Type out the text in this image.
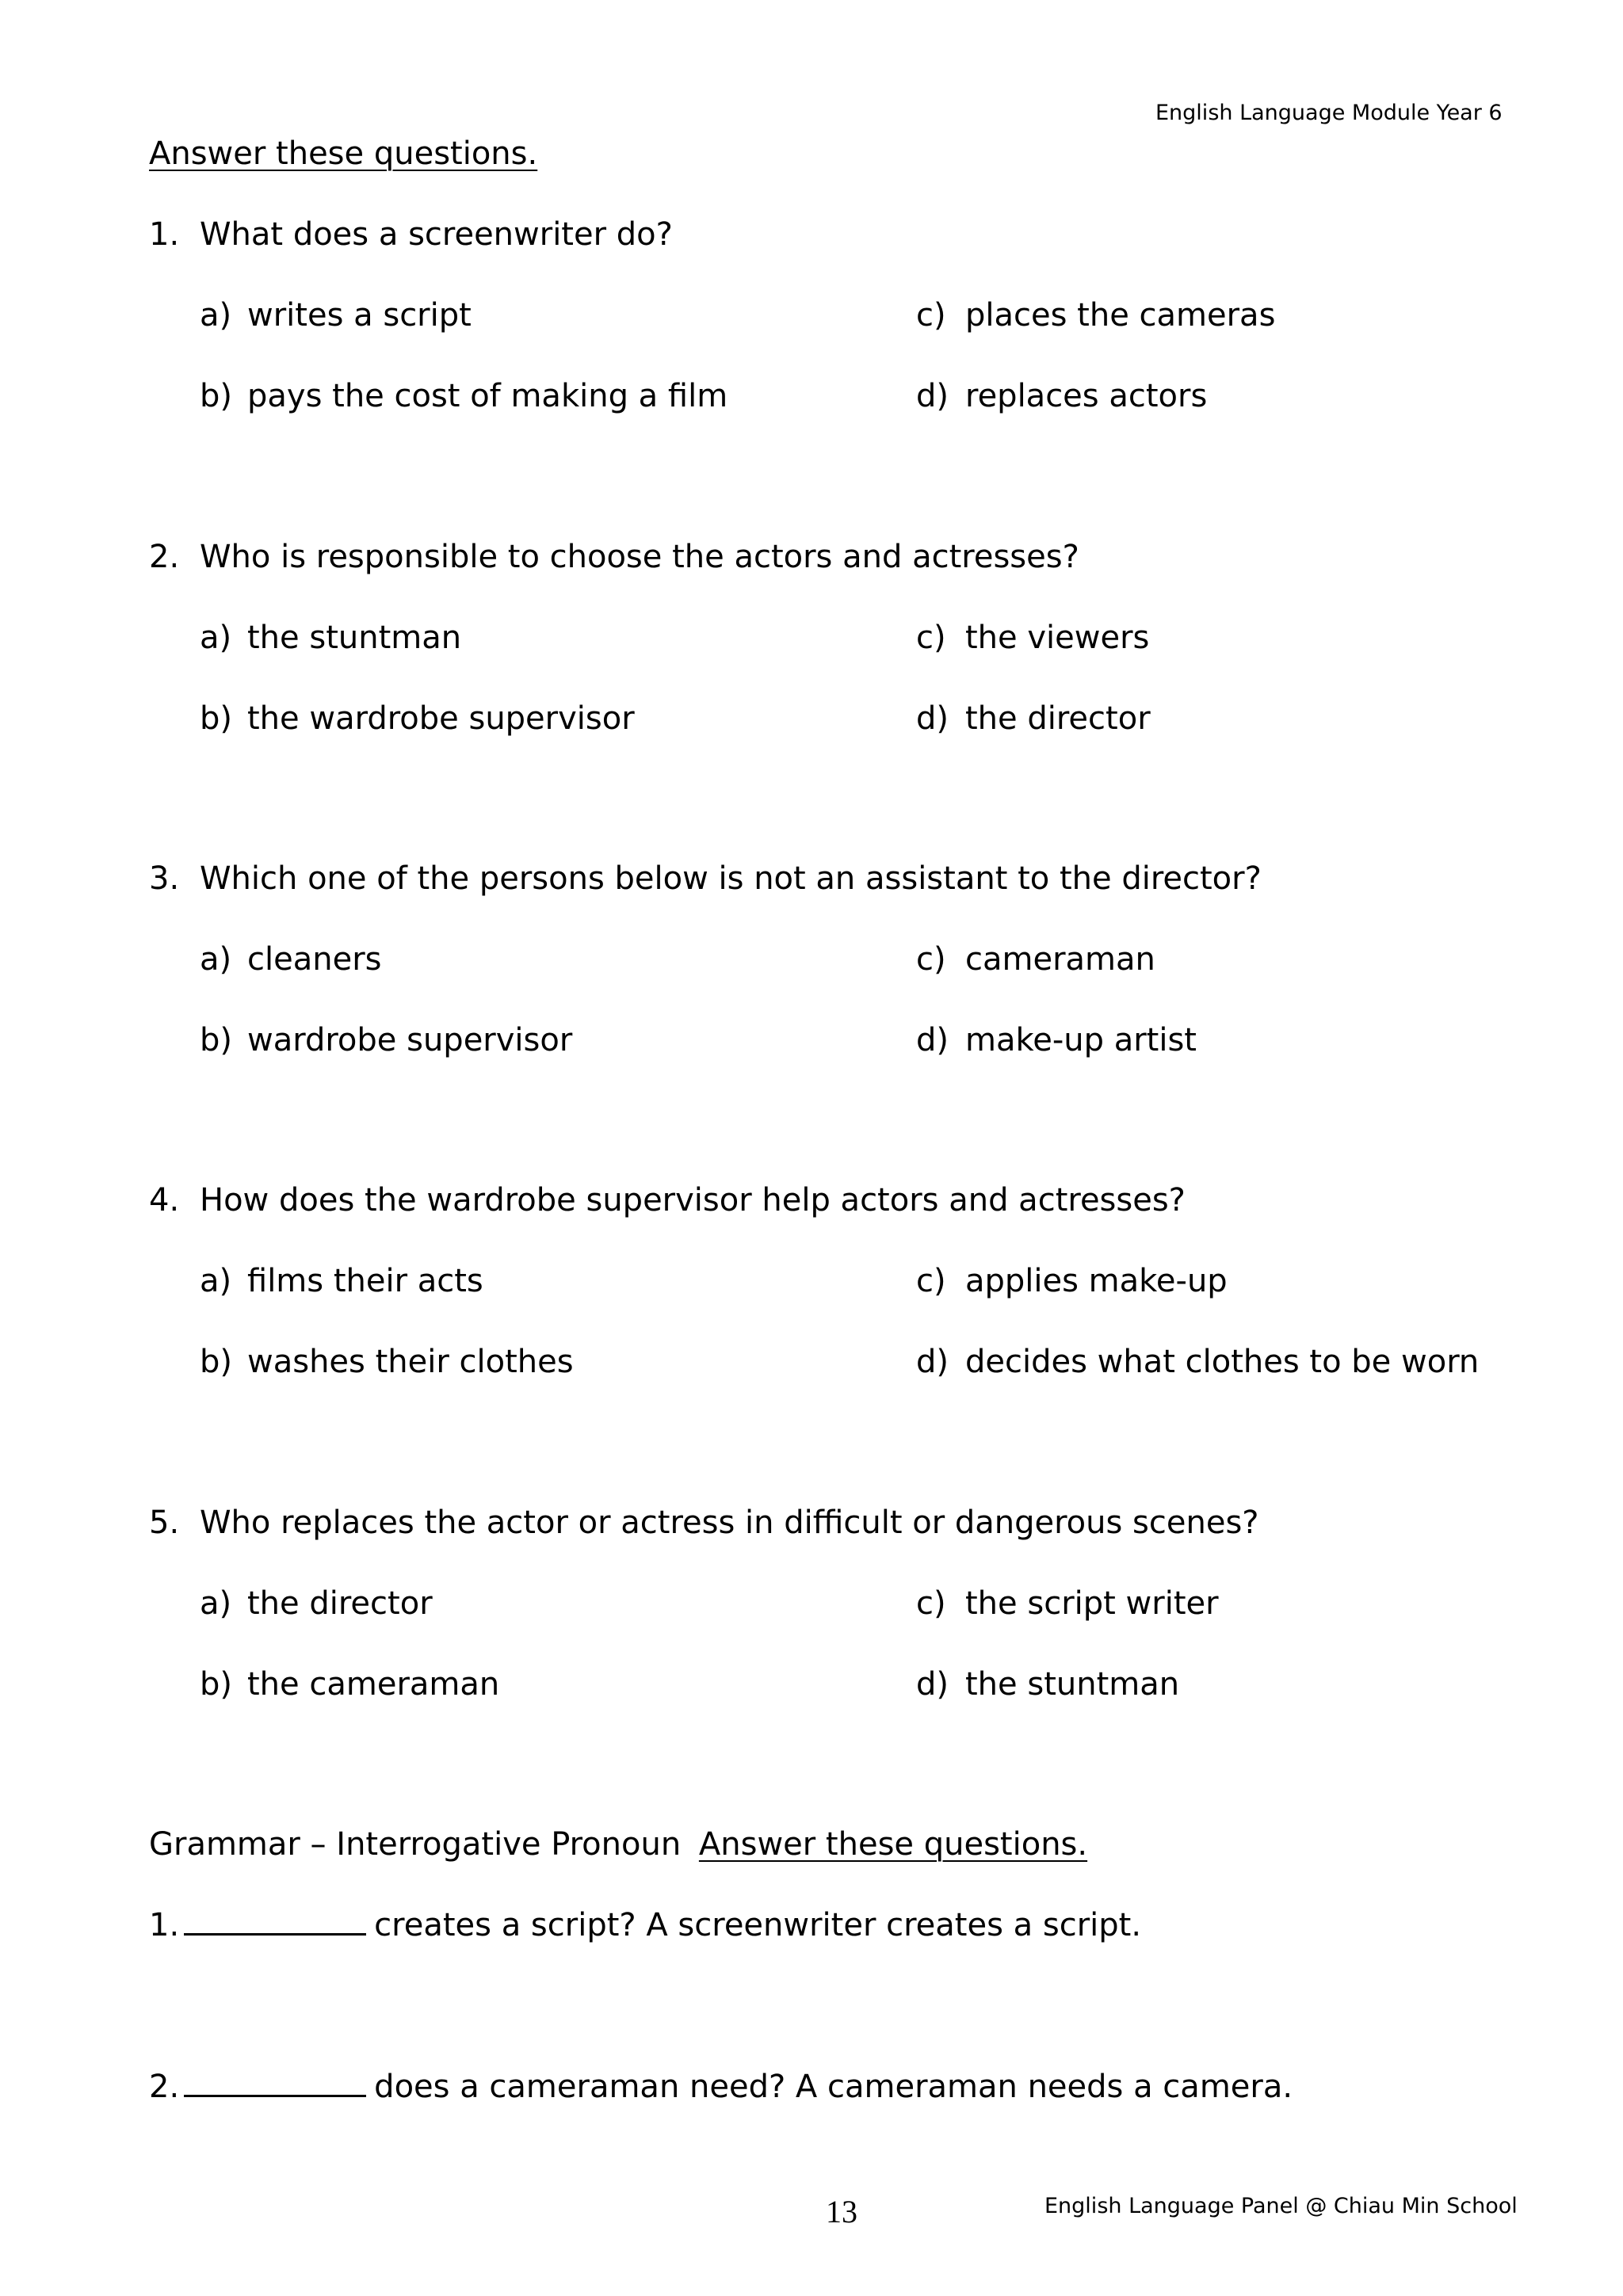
English Language Module Year 6
Answer these questions.
1. What does a screenwriter do?
a) writes a script	c) places the cameras
b) pays the cost of making a film	d) replaces actors
2. Who is responsible to choose the actors and actresses?
a) the stuntman	c) the viewers
b) the wardrobe supervisor	d) the director
3. Which one of the persons below is not an assistant to the director?
a) cleaners	c) cameraman
b) wardrobe supervisor	d) make-up artist
4. How does the wardrobe supervisor help actors and actresses?
a) films their acts	c) applies make-up
b) washes their clothes	d) decides what clothes to be worn
5. Who replaces the actor or actress in difficult or dangerous scenes?
a) the director	c) the script writer
b) the cameraman	d) the stuntman
Grammar – Interrogative Pronoun Answer these questions.
1.	creates a script? A screenwriter creates a script.
2.	does a cameraman need? A cameraman needs a camera.
13	English Language Panel @ Chiau Min School
